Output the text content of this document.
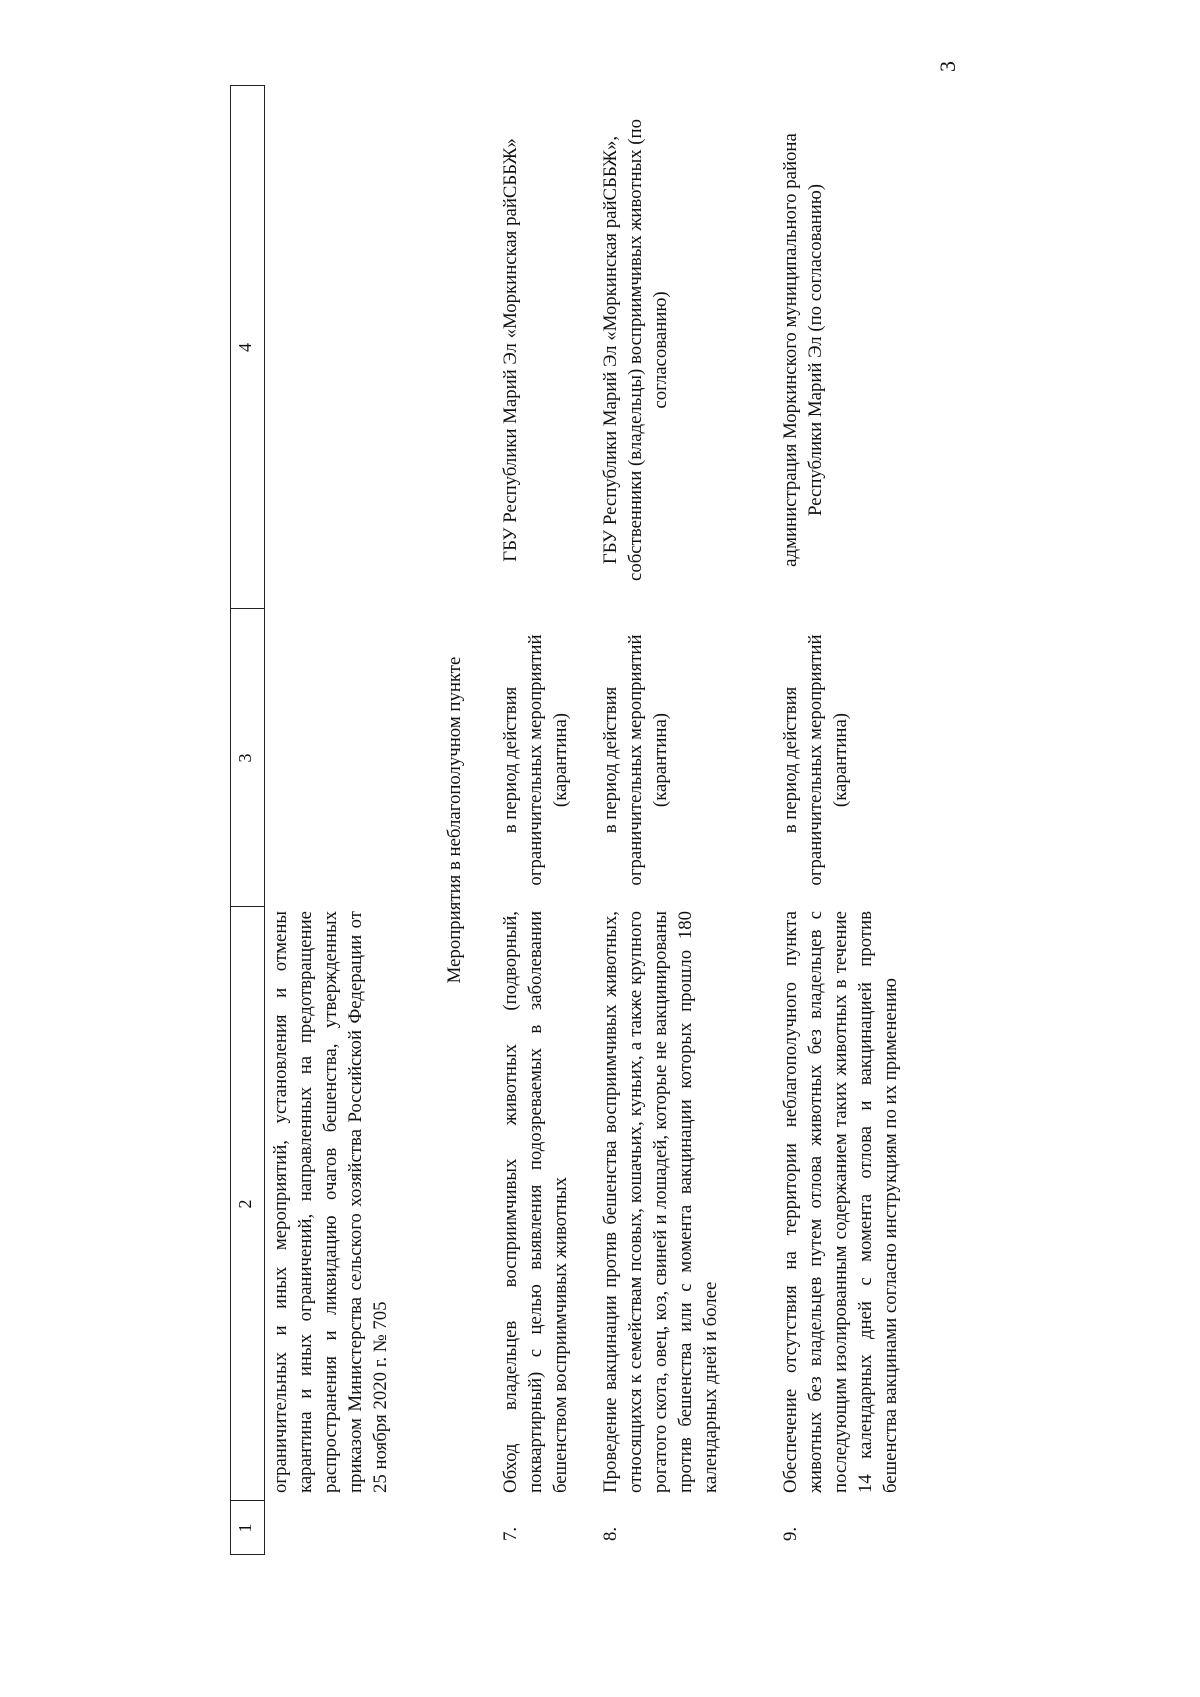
3
1
2
3
4
ограничительных и иных мероприятий, установления и отмены карантина и иных ограничений, направленных на предотвращение распространения и ликвидацию очагов бешенства, утвержденных приказом Министерства сельского хозяйства Российской Федерации от 25 ноября 2020 г. № 705
Мероприятия в неблагополучном пункте
7.
Обход владельцев восприимчивых животных (подворный, поквартирный) с целью выявления подозреваемых в заболевании бешенством восприимчивых животных
в период действия ограничительных мероприятий (карантина)
ГБУ Республики Марий Эл «Моркинская райСББЖ»
8.
Проведение вакцинации против бешенства восприимчивых животных, относящихся к семействам псовых, кошачьих, куньих, а также крупного рогатого скота, овец, коз, свиней и лошадей, которые не вакцинированы против бешенства или с момента вакцинации которых прошло 180 календарных дней и более
в период действия ограничительных мероприятий (карантина)
ГБУ Республики Марий Эл «Моркинская райСББЖ», собственники (владельцы) восприимчивых животных (по согласованию)
9.
Обеспечение отсутствия на территории неблагополучного пункта животных без владельцев путем отлова животных без владельцев с последующим изолированным содержанием таких животных в течение 14 календарных дней с момента отлова и вакцинацией против бешенства вакцинами согласно инструкциям по их применению
в период действия ограничительных мероприятий (карантина)
администрация Моркинского муниципального района Республики Марий Эл (по согласованию)
